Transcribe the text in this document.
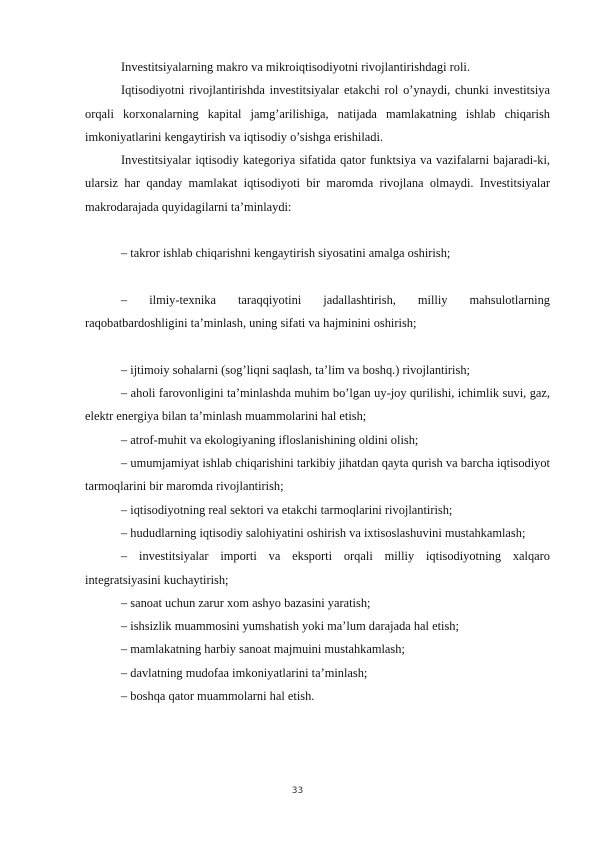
Investitsiyalarning makro va mikroiqtisodiyotni rivojlantirishdagi roli.

Iqtisodiyotni rivojlantirishda investitsiyalar etakchi rol o’ynaydi, chunki investitsiya orqali korxonalarning kapital jamg’arilishiga, natijada mamlakatning ishlab chiqarish imkoniyatlarini kengaytirish va iqtisodiy o’sishga erishiladi.

Investitsiyalar iqtisodiy kategoriya sifatida qator funktsiya va vazifalarni bajaradi-ki, ularsiz har qanday mamlakat iqtisodiyoti bir maromda rivojlana olmaydi. Investitsiyalar makrodarajada quyidagilarni ta’minlaydi:

– takror ishlab chiqarishni kengaytirish siyosatini amalga oshirish;

– ilmiy-texnika taraqqiyotini jadallashtirish, milliy mahsulotlarning raqobatbardoshligini ta’minlash, uning sifati va hajminini oshirish;

– ijtimoiy sohalarni (sog’liqni saqlash, ta’lim va boshq.) rivojlantirish;

– aholi farovonligini ta’minlashda muhim bo’lgan uy-joy qurilishi, ichimlik suvi, gaz, elektr energiya bilan ta’minlash muammolarini hal etish;

– atrof-muhit va ekologiyaning ifloslanishining oldini olish;

– umumjamiyat ishlab chiqarishini tarkibiy jihatdan qayta qurish va barcha iqtisodiyot tarmoqlarini bir maromda rivojlantirish;

– iqtisodiyotning real sektori va etakchi tarmoqlarini rivojlantirish;

– hududlarning iqtisodiy salohiyatini oshirish va ixtisoslashuvini mustahkamlash;

– investitsiyalar importi va eksporti orqali milliy iqtisodiyotning xalqaro integratsiyasini kuchaytirish;

– sanoat uchun zarur xom ashyo bazasini yaratish;

– ishsizlik muammosini yumshatish yoki ma’lum darajada hal etish;

– mamlakatning harbiy sanoat majmuini mustahkamlash;

– davlatning mudofaa imkoniyatlarini ta’minlash;

– boshqa qator muammolarni hal etish.

33
